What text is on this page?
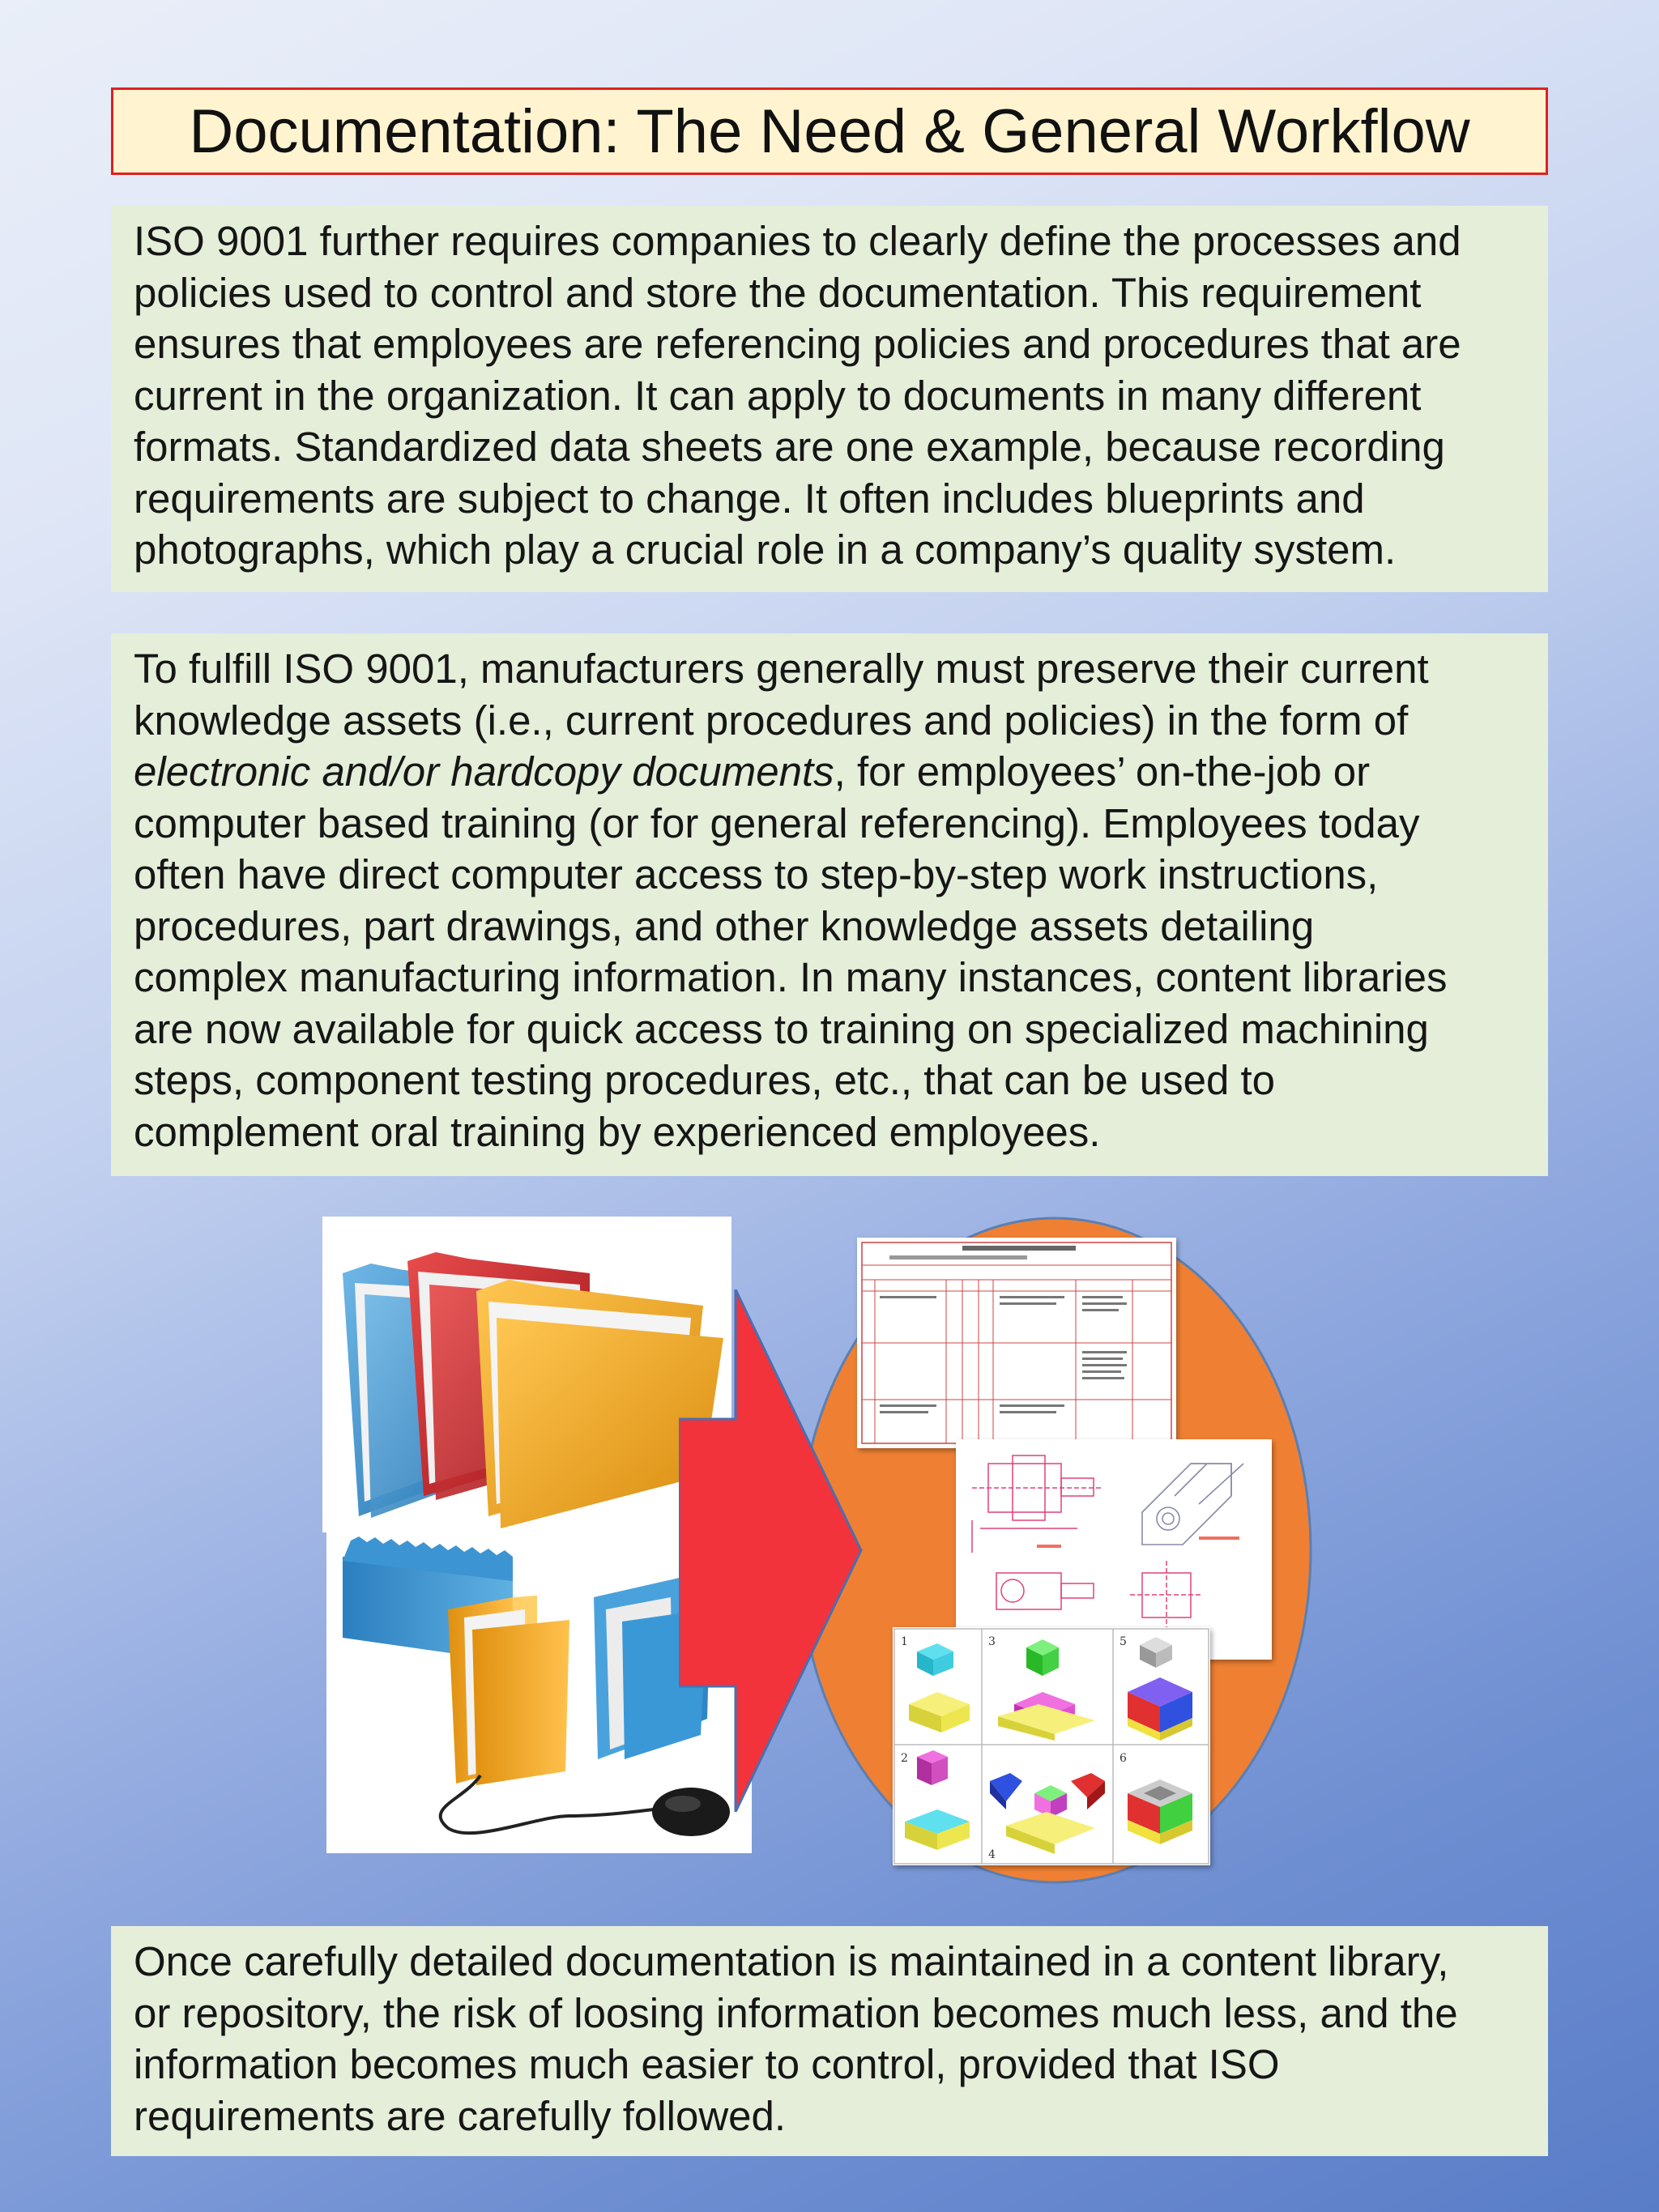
Documentation: The Need & General Workflow
ISO 9001 further requires companies to clearly define the processes and
policies used to control and store the documentation. This requirement
ensures that employees are referencing policies and procedures that are
current in the organization. It can apply to documents in many different
formats. Standardized data sheets are one example, because recording
requirements are subject to change. It often includes blueprints and
photographs, which play a crucial role in a company’s quality system.
To fulfill ISO 9001, manufacturers generally must preserve their current
knowledge assets (i.e., current procedures and policies) in the form of
electronic and/or hardcopy documents, for employees’ on-the-job or
computer based training (or for general referencing). Employees today
often have direct computer access to step-by-step work instructions,
procedures, part drawings, and other knowledge assets detailing
complex manufacturing information. In many instances, content libraries
are now available for quick access to training on specialized machining
steps, component testing procedures, etc., that can be used to
complement oral training by experienced employees.
1	3	5
2
4
6
Once carefully detailed documentation is maintained in a content library,
or repository, the risk of loosing information becomes much less, and the
information becomes much easier to control, provided that ISO
requirements are carefully followed.
